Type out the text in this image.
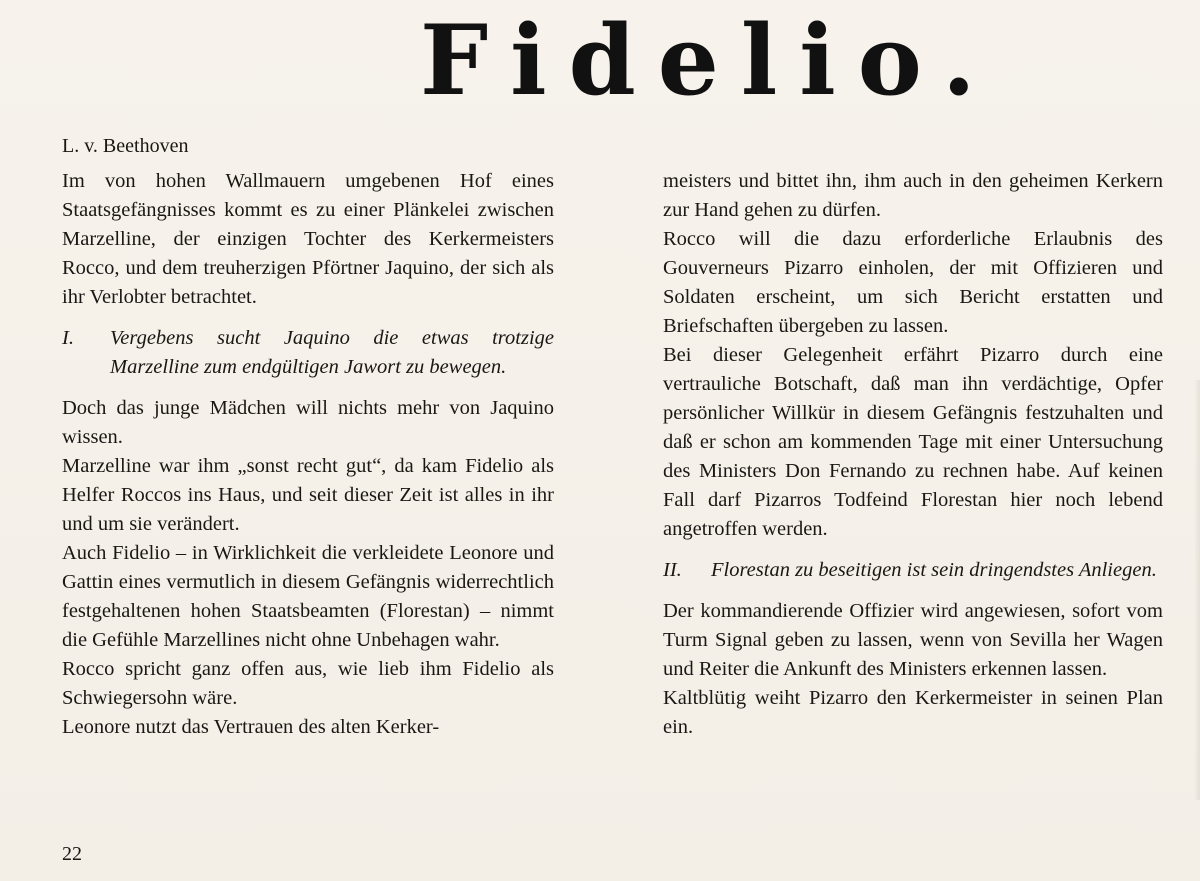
Fidelio.
L. v. Beethoven

Im von hohen Wallmauern umgebenen Hof eines Staatsgefängnisses kommt es zu einer Plänkelei zwischen Marzelline, der einzigen Tochter des Kerkermeisters Rocco, und dem treuherzigen Pförtner Jaquino, der sich als ihr Verlobter betrachtet.

I.	Vergebens sucht Jaquino die etwas trotzige Marzelline zum endgültigen Jawort zu bewegen.

Doch das junge Mädchen will nichts mehr von Jaquino wissen.

Marzelline war ihm „sonst recht gut“, da kam Fidelio als Helfer Roccos ins Haus, und seit dieser Zeit ist alles in ihr und um sie verändert.

Auch Fidelio – in Wirklichkeit die verkleidete Leonore und Gattin eines vermutlich in diesem Gefängnis widerrechtlich festgehaltenen hohen Staatsbeamten (Florestan) – nimmt die Gefühle Marzellines nicht ohne Unbehagen wahr.

Rocco spricht ganz offen aus, wie lieb ihm Fidelio als Schwiegersohn wäre.

Leonore nutzt das Vertrauen des alten Kerker-

meisters und bittet ihn, ihm auch in den geheimen Kerkern zur Hand gehen zu dürfen.

Rocco will die dazu erforderliche Erlaubnis des Gouverneurs Pizarro einholen, der mit Offizieren und Soldaten erscheint, um sich Bericht erstatten und Briefschaften übergeben zu lassen.

Bei dieser Gelegenheit erfährt Pizarro durch eine vertrauliche Botschaft, daß man ihn verdächtige, Opfer persönlicher Willkür in diesem Gefängnis festzuhalten und daß er schon am kommenden Tage mit einer Untersuchung des Ministers Don Fernando zu rechnen habe. Auf keinen Fall darf Pizarros Todfeind Florestan hier noch lebend angetroffen werden.

II.	Florestan zu beseitigen ist sein dringendstes Anliegen.

Der kommandierende Offizier wird angewiesen, sofort vom Turm Signal geben zu lassen, wenn von Sevilla her Wagen und Reiter die Ankunft des Ministers erkennen lassen.

Kaltblütig weiht Pizarro den Kerkermeister in seinen Plan ein.

22
